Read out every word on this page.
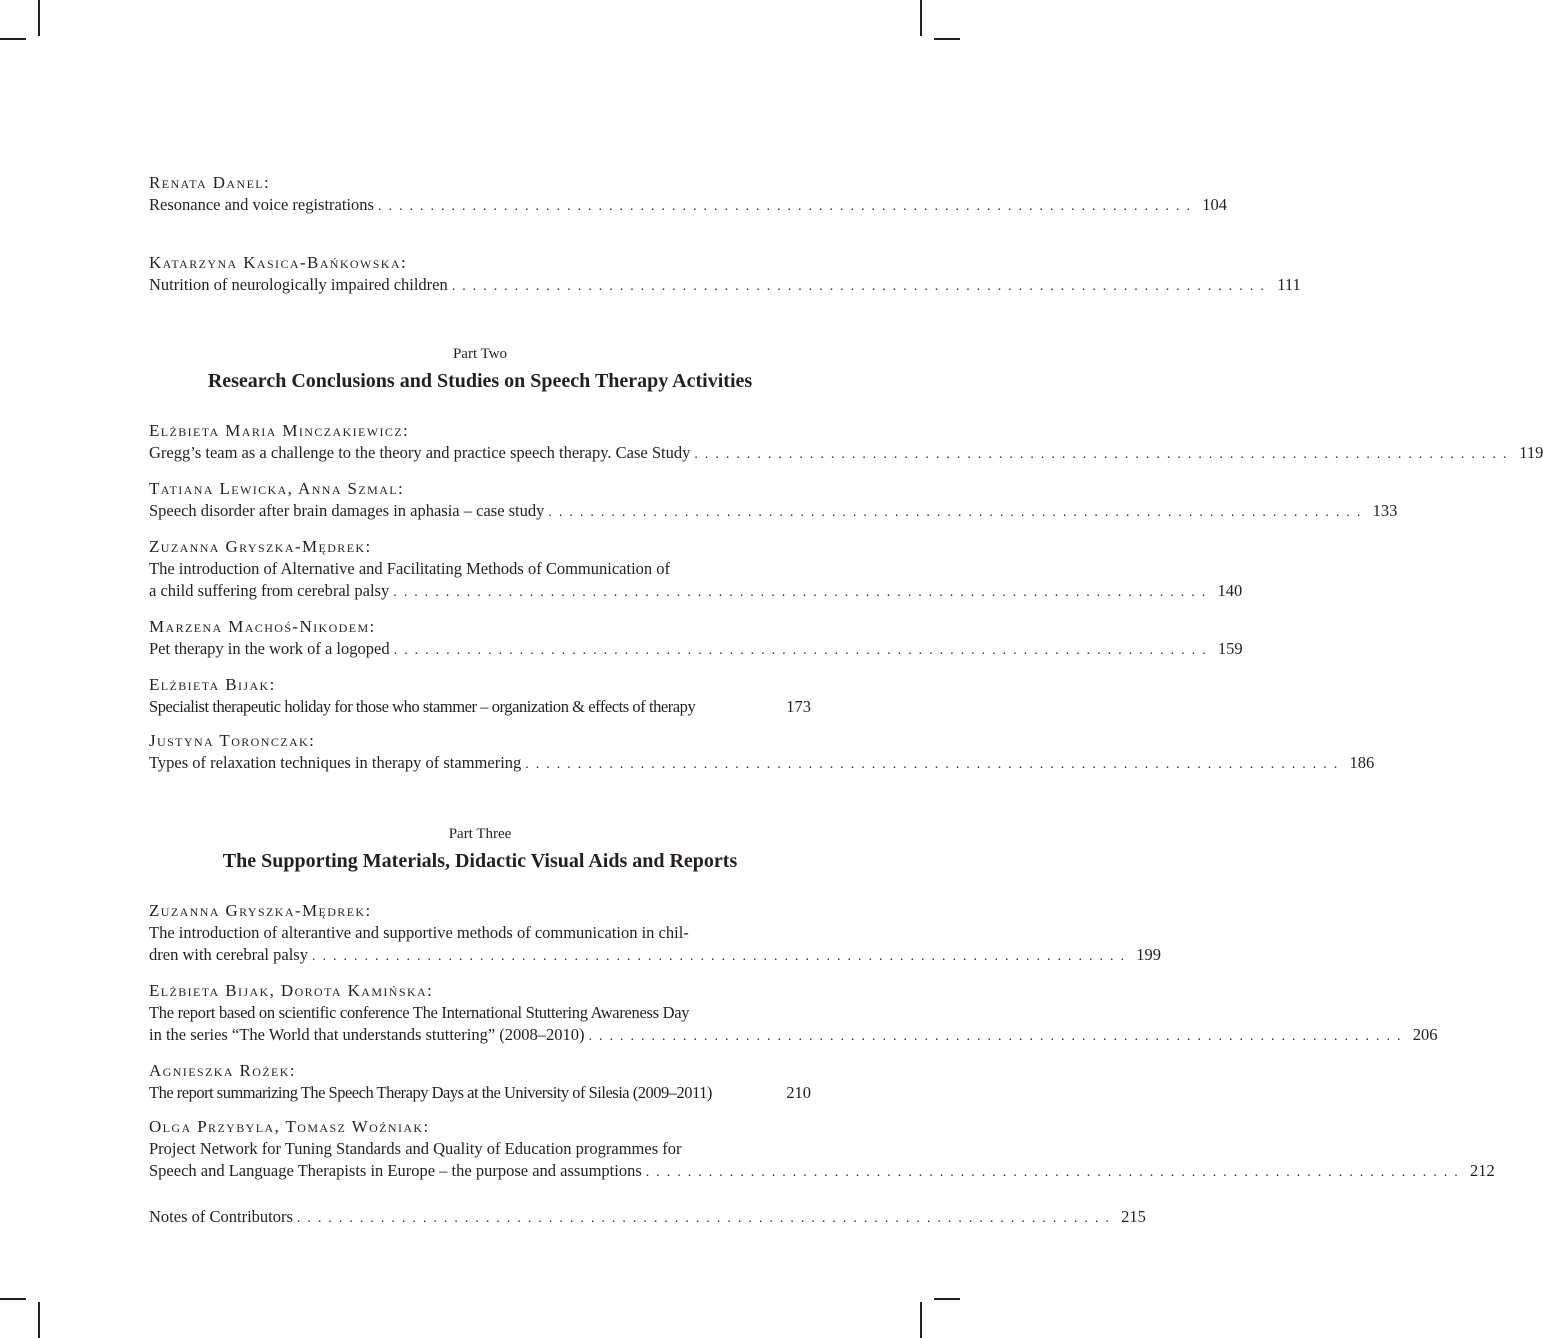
Renata Danel:
Resonance and voice registrations .............................................................................. 104
Katarzyna Kasica-Bańkowska:
Nutrition of neurologically impaired children .............................................................................. 111
Part Two
Research Conclusions and Studies on Speech Therapy Activities
Elżbieta Maria Minczakiewicz:
Gregg’s team as a challenge to the theory and practice speech therapy. Case Study .............................................................................. 119
Tatiana Lewicka, Anna Szmal:
Speech disorder after brain damages in aphasia – case study .............................................................................. 133
Zuzanna Gryszka-Mędrek:
The introduction of Alternative and Facilitating Methods of Communication of
a child suffering from cerebral palsy .............................................................................. 140
Marzena Machoś-Nikodem:
Pet therapy in the work of a logoped .............................................................................. 159
Elżbieta Bijak:
Specialist therapeutic holiday for those who stammer – organization & effects of therapy	173
Justyna Toronczak:
Types of relaxation techniques in therapy of stammering .............................................................................. 186
Part Three
The Supporting Materials, Didactic Visual Aids and Reports
Zuzanna Gryszka-Mędrek:
The introduction of alterantive and supportive methods of communication in chil-
dren with cerebral palsy .............................................................................. 199
Elżbieta Bijak, Dorota Kamińska:
The report based on scientific conference The International Stuttering Awareness Day
in the series “The World that understands stuttering” (2008–2010) .............................................................................. 206
Agnieszka Rożek:
The report summarizing The Speech Therapy Days at the University of Silesia (2009–2011)	210
Olga Przybyla, Tomasz Woźniak:
Project Network for Tuning Standards and Quality of Education programmes for
Speech and Language Therapists in Europe – the purpose and assumptions .............................................................................. 212
Notes of Contributors .............................................................................. 215
